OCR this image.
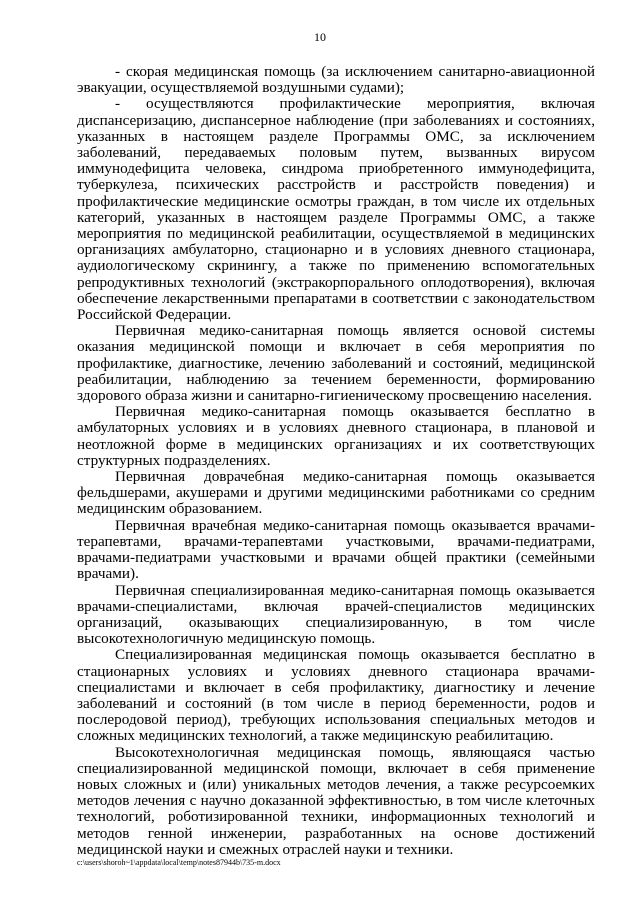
10

- скорая медицинская помощь (за исключением санитарно-авиационной эвакуации, осуществляемой воздушными судами);

- осуществляются профилактические мероприятия, включая диспансеризацию, диспансерное наблюдение (при заболеваниях и состояниях, указанных в настоящем разделе Программы ОМС, за исключением заболеваний, передаваемых половым путем, вызванных вирусом иммунодефицита человека, синдрома приобретенного иммунодефицита, туберкулеза, психических расстройств и расстройств поведения) и профилактические медицинские осмотры граждан, в том числе их отдельных категорий, указанных в настоящем разделе Программы ОМС, а также мероприятия по медицинской реабилитации, осуществляемой в медицинских организациях амбулаторно, стационарно и в условиях дневного стационара, аудиологическому скринингу, а также по применению вспомогательных репродуктивных технологий (экстракорпорального оплодотворения), включая обеспечение лекарственными препаратами в соответствии с законодательством Российской Федерации.

Первичная медико-санитарная помощь является основой системы оказания медицинской помощи и включает в себя мероприятия по профилактике, диагностике, лечению заболеваний и состояний, медицинской реабилитации, наблюдению за течением беременности, формированию здорового образа жизни и санитарно-гигиеническому просвещению населения.

Первичная медико-санитарная помощь оказывается бесплатно в амбулаторных условиях и в условиях дневного стационара, в плановой и неотложной форме в медицинских организациях и их соответствующих структурных подразделениях.

Первичная доврачебная медико-санитарная помощь оказывается фельдшерами, акушерами и другими медицинскими работниками со средним медицинским образованием.

Первичная врачебная медико-санитарная помощь оказывается врачами-терапевтами, врачами-терапевтами участковыми, врачами-педиатрами, врачами-педиатрами участковыми и врачами общей практики (семейными врачами).

Первичная специализированная медико-санитарная помощь оказывается врачами-специалистами, включая врачей-специалистов медицинских организаций, оказывающих специализированную, в том числе высокотехнологичную медицинскую помощь.

Специализированная медицинская помощь оказывается бесплатно в стационарных условиях и условиях дневного стационара врачами-специалистами и включает в себя профилактику, диагностику и лечение заболеваний и состояний (в том числе в период беременности, родов и послеродовой период), требующих использования специальных методов и сложных медицинских технологий, а также медицинскую реабилитацию.

Высокотехнологичная медицинская помощь, являющаяся частью специализированной медицинской помощи, включает в себя применение новых сложных и (или) уникальных методов лечения, а также ресурсоемких методов лечения с научно доказанной эффективностью, в том числе клеточных технологий, роботизированной техники, информационных технологий и методов генной инженерии, разработанных на основе достижений медицинской науки и смежных отраслей науки и техники.

c:\users\shoroh~1\appdata\local\temp\notes87944b\735-m.docx
